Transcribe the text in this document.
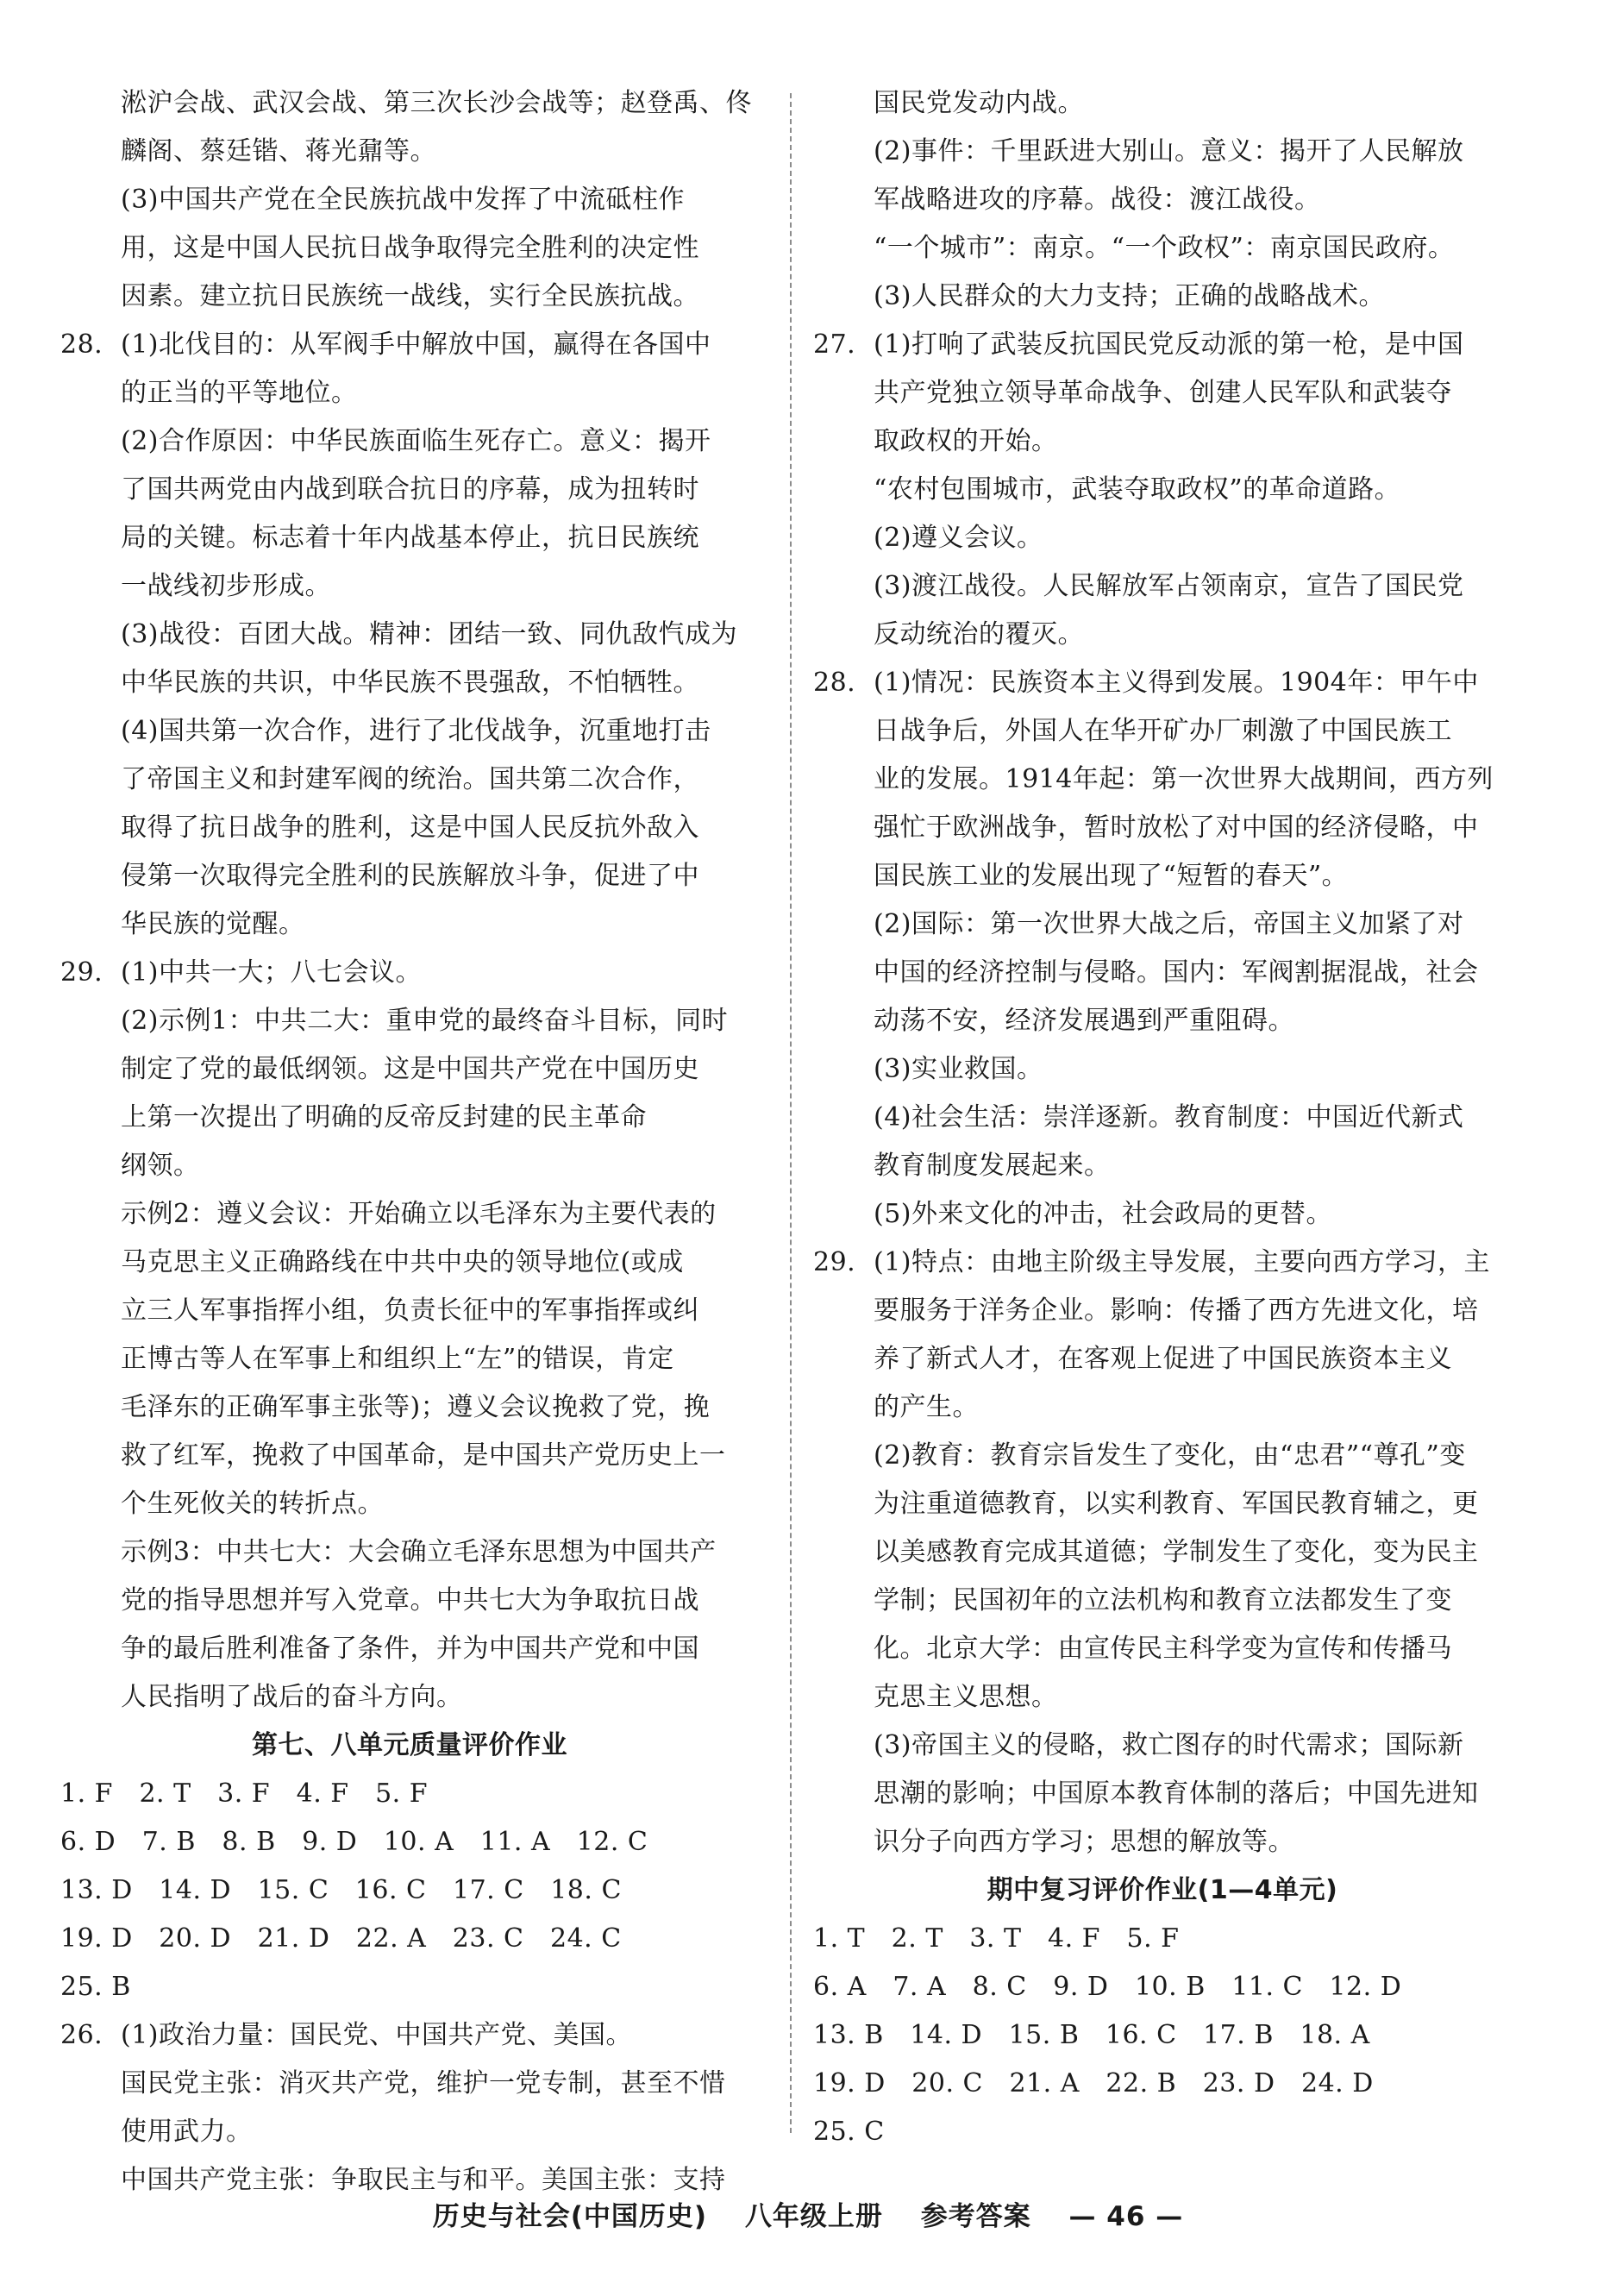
淞沪会战、武汉会战、第三次长沙会战等；赵登禹、佟
麟阁、蔡廷锴、蒋光鼐等。
(3)中国共产党在全民族抗战中发挥了中流砥柱作
用，这是中国人民抗日战争取得完全胜利的决定性
因素。建立抗日民族统一战线，实行全民族抗战。
28. (1)北伐目的：从军阀手中解放中国，赢得在各国中
的正当的平等地位。
(2)合作原因：中华民族面临生死存亡。意义：揭开
了国共两党由内战到联合抗日的序幕，成为扭转时
局的关键。标志着十年内战基本停止，抗日民族统
一战线初步形成。
(3)战役：百团大战。精神：团结一致、同仇敌忾成为
中华民族的共识，中华民族不畏强敌，不怕牺牲。
(4)国共第一次合作，进行了北伐战争，沉重地打击
了帝国主义和封建军阀的统治。国共第二次合作，
取得了抗日战争的胜利，这是中国人民反抗外敌入
侵第一次取得完全胜利的民族解放斗争，促进了中
华民族的觉醒。
29. (1)中共一大；八七会议。
(2)示例1：中共二大：重申党的最终奋斗目标，同时
制定了党的最低纲领。这是中国共产党在中国历史
上第一次提出了明确的反帝反封建的民主革命
纲领。
示例2：遵义会议：开始确立以毛泽东为主要代表的
马克思主义正确路线在中共中央的领导地位(或成
立三人军事指挥小组，负责长征中的军事指挥或纠
正博古等人在军事上和组织上“左”的错误，肯定
毛泽东的正确军事主张等)；遵义会议挽救了党，挽
救了红军，挽救了中国革命，是中国共产党历史上一
个生死攸关的转折点。
示例3：中共七大：大会确立毛泽东思想为中国共产
党的指导思想并写入党章。中共七大为争取抗日战
争的最后胜利准备了条件，并为中国共产党和中国
人民指明了战后的奋斗方向。
第七、八单元质量评价作业
1. F　2. T　3. F　4. F　5. F
6. D　7. B　8. B　9. D　10. A　11. A　12. C
13. D　14. D　15. C　16. C　17. C　18. C
19. D　20. D　21. D　22. A　23. C　24. C
25. B
26. (1)政治力量：国民党、中国共产党、美国。
国民党主张：消灭共产党，维护一党专制，甚至不惜
使用武力。
中国共产党主张：争取民主与和平。美国主张：支持
国民党发动内战。
(2)事件：千里跃进大别山。意义：揭开了人民解放
军战略进攻的序幕。战役：渡江战役。
“一个城市”：南京。“一个政权”：南京国民政府。
(3)人民群众的大力支持；正确的战略战术。
27. (1)打响了武装反抗国民党反动派的第一枪，是中国
共产党独立领导革命战争、创建人民军队和武装夺
取政权的开始。
“农村包围城市，武装夺取政权”的革命道路。
(2)遵义会议。
(3)渡江战役。人民解放军占领南京，宣告了国民党
反动统治的覆灭。
28. (1)情况：民族资本主义得到发展。1904年：甲午中
日战争后，外国人在华开矿办厂刺激了中国民族工
业的发展。1914年起：第一次世界大战期间，西方列
强忙于欧洲战争，暂时放松了对中国的经济侵略，中
国民族工业的发展出现了“短暂的春天”。
(2)国际：第一次世界大战之后，帝国主义加紧了对
中国的经济控制与侵略。国内：军阀割据混战，社会
动荡不安，经济发展遇到严重阻碍。
(3)实业救国。
(4)社会生活：崇洋逐新。教育制度：中国近代新式
教育制度发展起来。
(5)外来文化的冲击，社会政局的更替。
29. (1)特点：由地主阶级主导发展，主要向西方学习，主
要服务于洋务企业。影响：传播了西方先进文化，培
养了新式人才，在客观上促进了中国民族资本主义
的产生。
(2)教育：教育宗旨发生了变化，由“忠君”“尊孔”变
为注重道德教育，以实利教育、军国民教育辅之，更
以美感教育完成其道德；学制发生了变化，变为民主
学制；民国初年的立法机构和教育立法都发生了变
化。北京大学：由宣传民主科学变为宣传和传播马
克思主义思想。
(3)帝国主义的侵略，救亡图存的时代需求；国际新
思潮的影响；中国原本教育体制的落后；中国先进知
识分子向西方学习；思想的解放等。
期中复习评价作业(1—4单元)
1. T　2. T　3. T　4. F　5. F
6. A　7. A　8. C　9. D　10. B　11. C　12. D
13. B　14. D　15. B　16. C　17. B　18. A
19. D　20. C　21. A　22. B　23. D　24. D
25. C
历史与社会(中国历史) 八年级上册 参考答案 — 46 —
